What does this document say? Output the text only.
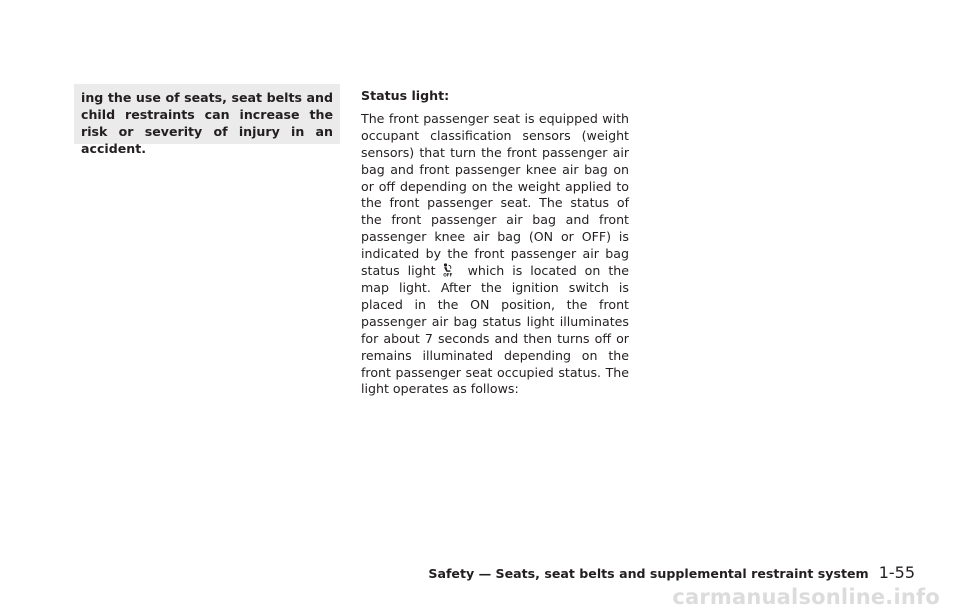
ing the use of seats, seat belts and child restraints can increase the risk or severity of injury in an accident.

Status light:

The front passenger seat is equipped with occupant classification sensors (weight sensors) that turn the front passenger air bag and front passenger knee air bag on or off depending on the weight applied to the front passenger seat. The status of the front passenger air bag and front passenger knee air bag (ON or OFF) is indicated by the front passenger air bag status light OFF which is located on the map light. After the ignition switch is placed in the ON position, the front passenger air bag status light illuminates for about 7 seconds and then turns off or remains illuminated depending on the front passenger seat occupied status. The light operates as follows:

Safety — Seats, seat belts and supplemental restraint system 1-55
carmanualsonline.info
